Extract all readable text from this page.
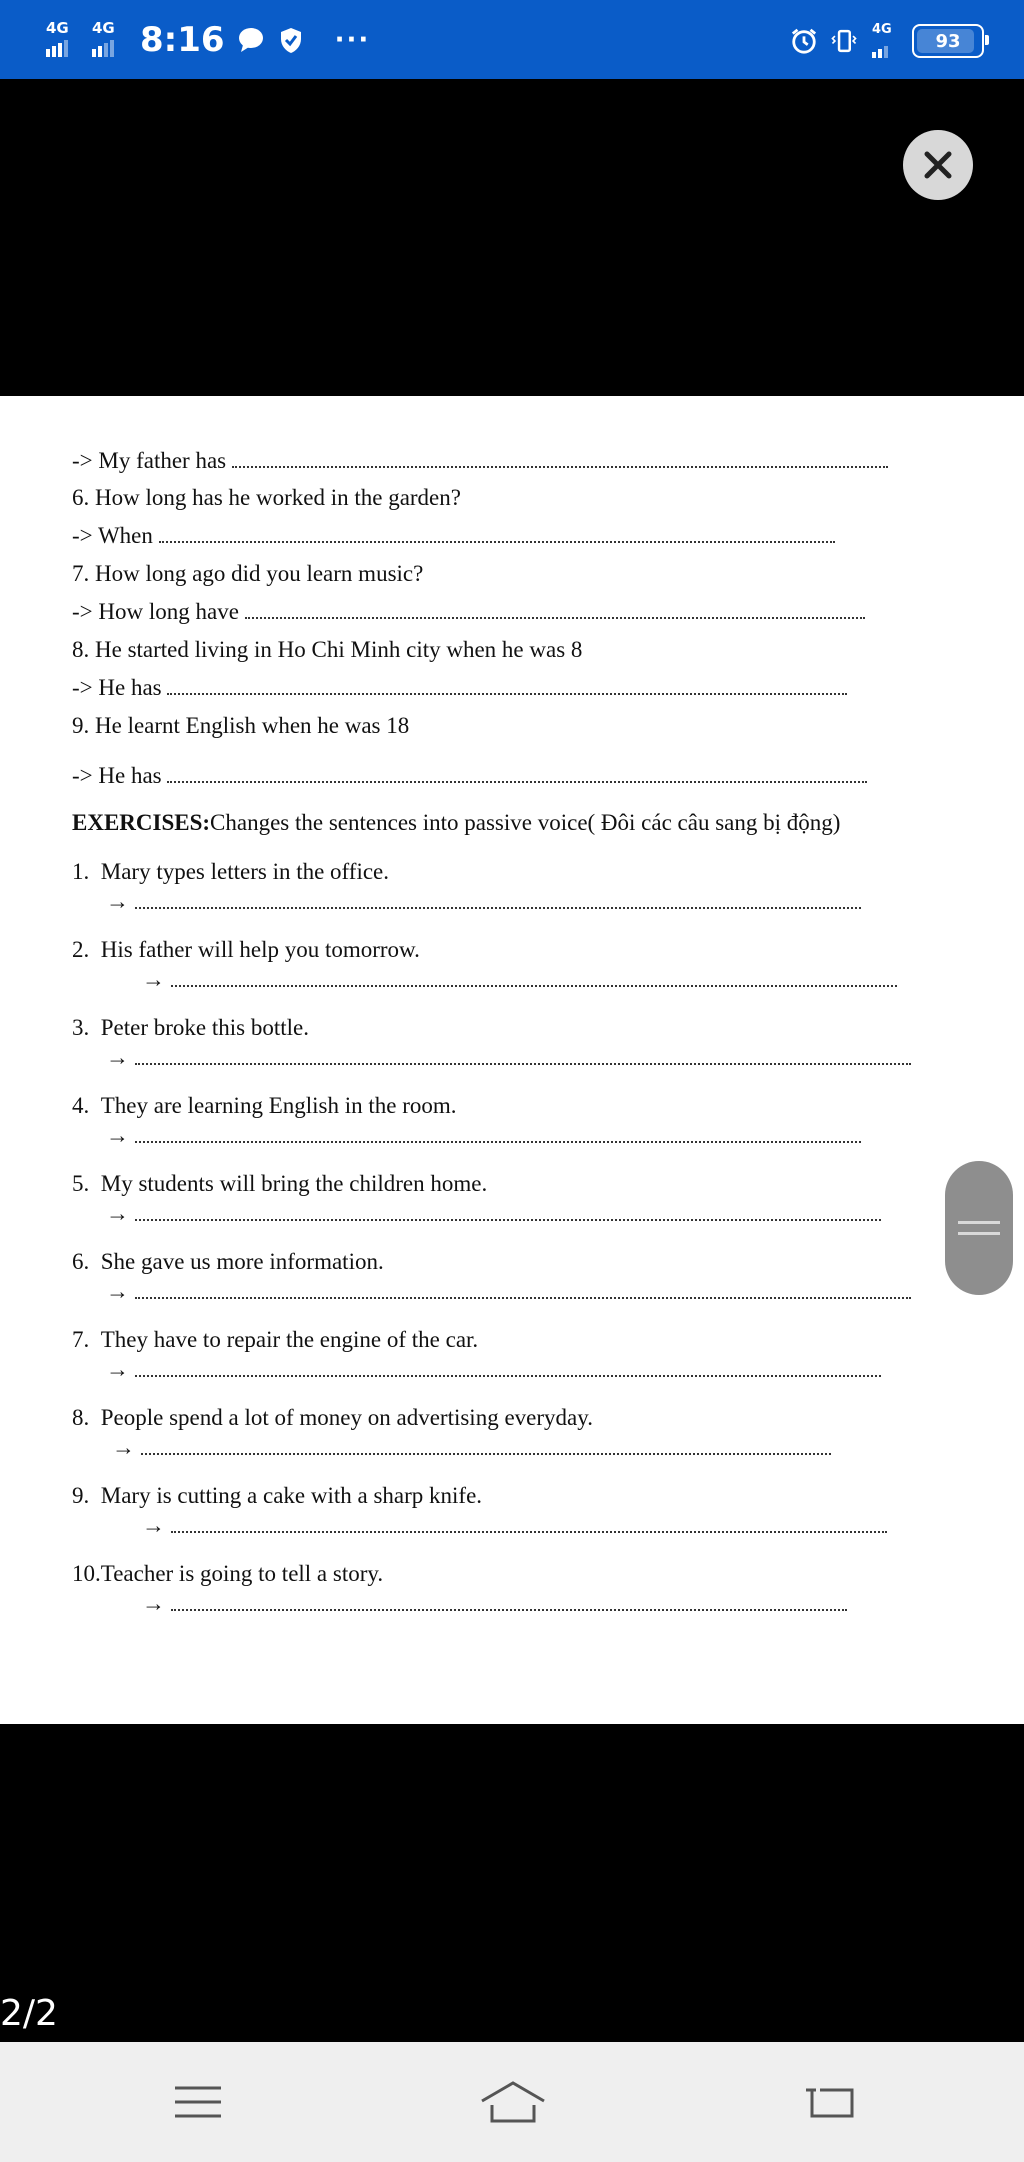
4G 4G 8:16	···	4G
93
-> My father has
6. How long has he worked in the garden?
-> When
7. How long ago did you learn music?
-> How long have
8. He started living in Ho Chi Minh city when he was 8
-> He has
9. He learnt English when he was 18
-> He has
EXERCISES:Changes the sentences into passive voice( Đôi các câu sang bị động)
1. Mary types letters in the office.
→
2. His father will help you tomorrow.
→
3. Peter broke this bottle.
→
4. They are learning English in the room.
→
5. My students will bring the children home.
→
6. She gave us more information.
→
7. They have to repair the engine of the car.
→
8. People spend a lot of money on advertising everyday.
→
9. Mary is cutting a cake with a sharp knife.
→
10.Teacher is going to tell a story.
→
2/2
